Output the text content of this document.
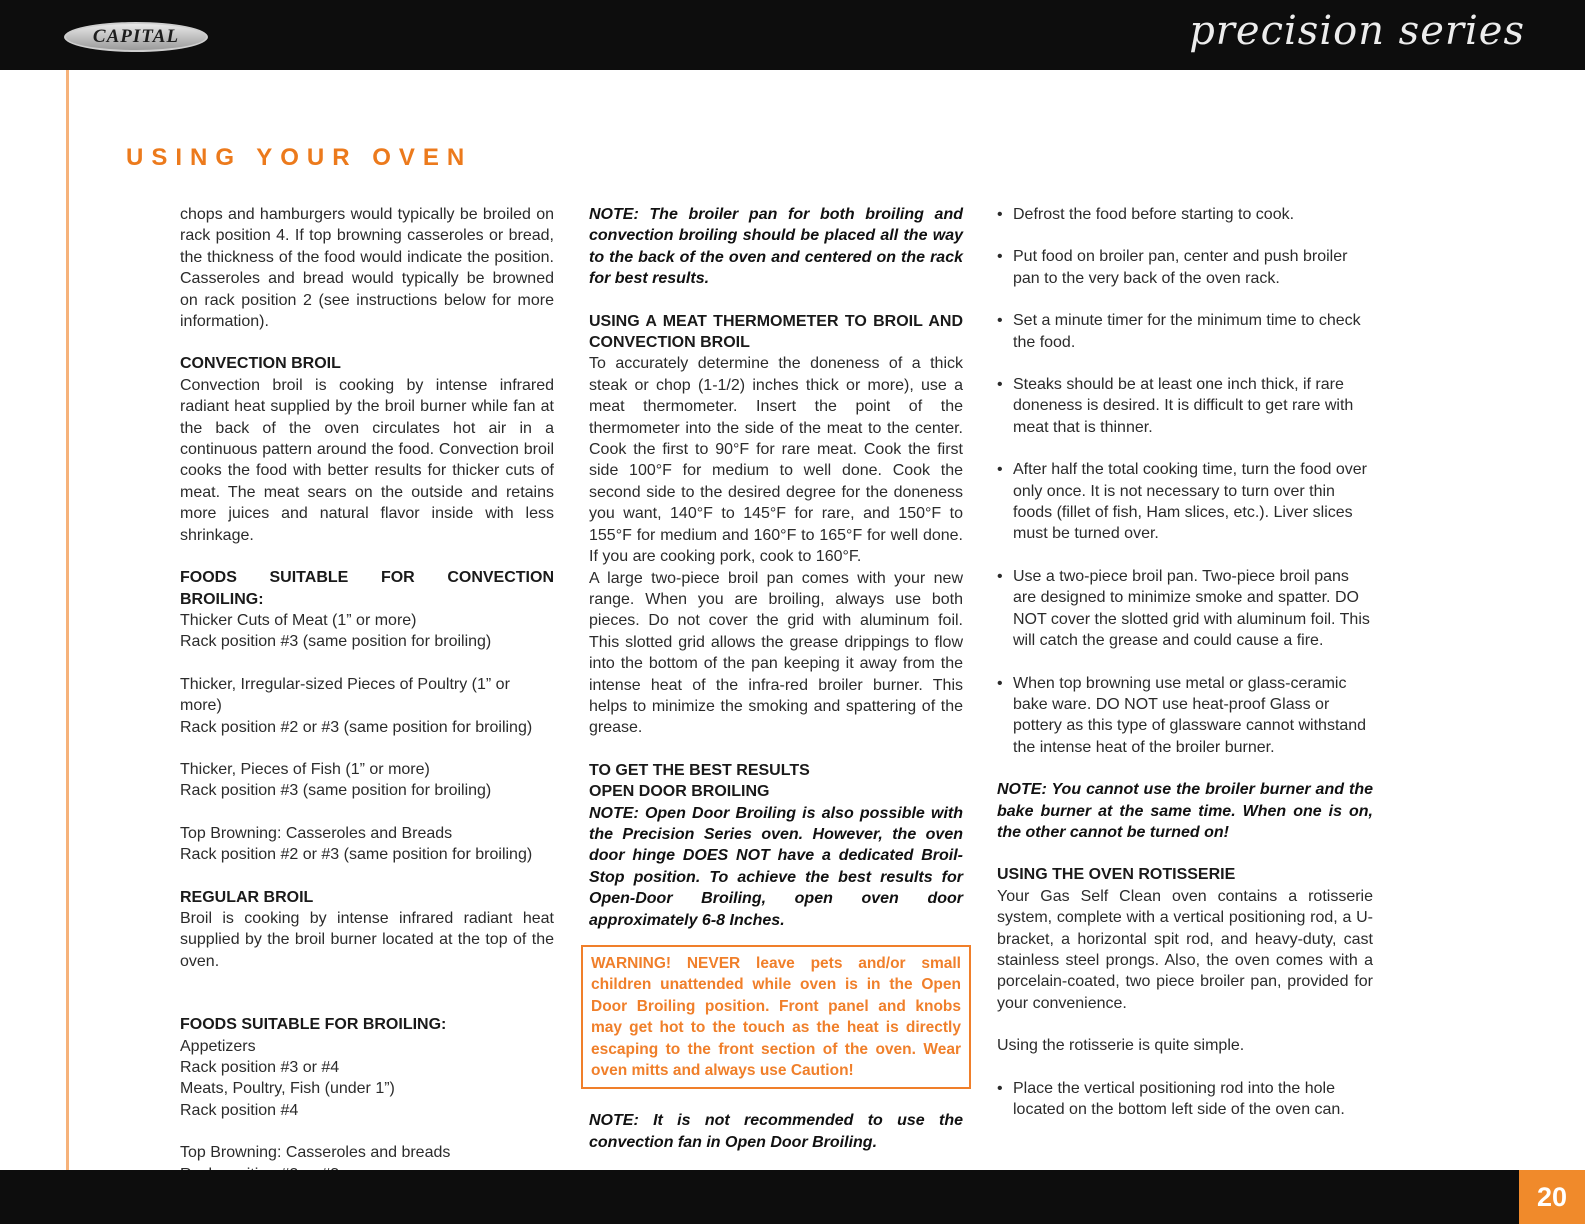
CAPITAL	precision series
USING YOUR OVEN

chops and hamburgers would typically be broiled on rack position 4. If top browning casseroles or bread, the thickness of the food would indicate the position. Casseroles and bread would typically be browned on rack position 2 (see instructions below for more information).

CONVECTION BROIL

Convection broil is cooking by intense infrared radiant heat supplied by the broil burner while fan at the back of the oven circulates hot air in a continuous pattern around the food. Convection broil cooks the food with better results for thicker cuts of meat. The meat sears on the outside and retains more juices and natural flavor inside with less shrinkage.

FOODS SUITABLE FOR CONVECTION BROILING:

Thicker Cuts of Meat (1” or more)

Rack position #3 (same position for broiling)

Thicker, Irregular-sized Pieces of Poultry (1” or more)

Rack position #2 or #3 (same position for broiling)

Thicker, Pieces of Fish (1” or more)

Rack position #3 (same position for broiling)

Top Browning: Casseroles and Breads

Rack position #2 or #3 (same position for broiling)

REGULAR BROIL

Broil is cooking by intense infrared radiant heat supplied by the broil burner located at the top of the oven.

FOODS SUITABLE FOR BROILING:

Appetizers

Rack position #3 or #4

Meats, Poultry, Fish (under 1”)

Rack position #4

Top Browning: Casseroles and breads

NOTE: The broiler pan for both broiling and convection broiling should be placed all the way to the back of the oven and centered on the rack for best results.

USING A MEAT THERMOMETER TO BROIL AND CONVECTION BROIL

To accurately determine the doneness of a thick steak or chop (1-1/2) inches thick or more), use a meat thermometer. Insert the point of the thermometer into the side of the meat to the center. Cook the first to 90°F for rare meat. Cook the first side 100°F for medium to well done. Cook the second side to the desired degree for the doneness you want, 140°F to 145°F for rare, and 150°F to 155°F for medium and 160°F to 165°F for well done. If you are cooking pork, cook to 160°F.

A large two-piece broil pan comes with your new range. When you are broiling, always use both pieces. Do not cover the grid with aluminum foil. This slotted grid allows the grease drippings to flow into the bottom of the pan keeping it away from the intense heat of the infra-red broiler burner. This helps to minimize the smoking and spattering of the grease.

TO GET THE BEST RESULTS

OPEN DOOR BROILING

NOTE: Open Door Broiling is also possible with the Precision Series oven. However, the oven door hinge DOES NOT have a dedicated Broil-Stop position. To achieve the best results for Open-Door Broiling, open oven door approximately 6-8 Inches.

WARNING! NEVER leave pets and/or small children unattended while oven is in the Open Door Broiling position. Front panel and knobs may get hot to the touch as the heat is directly escaping to the front section of the oven. Wear oven mitts and always use Caution!

NOTE: It is not recommended to use the convection fan in Open Door Broiling.

• Defrost the food before starting to cook.

• Put food on broiler pan, center and push broiler pan to the very back of the oven rack.

• Set a minute timer for the minimum time to check the food.

• Steaks should be at least one inch thick, if rare doneness is desired. It is difficult to get rare with meat that is thinner.

• After half the total cooking time, turn the food over only once. It is not necessary to turn over thin foods (fillet of fish, Ham slices, etc.). Liver slices must be turned over.

• Use a two-piece broil pan. Two-piece broil pans are designed to minimize smoke and spatter. DO NOT cover the slotted grid with aluminum foil. This will catch the grease and could cause a fire.

• When top browning use metal or glass-ceramic bake ware. DO NOT use heat-proof Glass or pottery as this type of glassware cannot withstand the intense heat of the broiler burner.

NOTE: You cannot use the broiler burner and the bake burner at the same time. When one is on, the other cannot be turned on!

USING THE OVEN ROTISSERIE

Your Gas Self Clean oven contains a rotisserie system, complete with a vertical positioning rod, a U-bracket, a horizontal spit rod, and heavy-duty, cast stainless steel prongs. Also, the oven comes with a porcelain-coated, two piece broiler pan, provided for your convenience.

Using the rotisserie is quite simple.

• Place the vertical positioning rod into the hole located on the bottom left side of the oven can.

20
